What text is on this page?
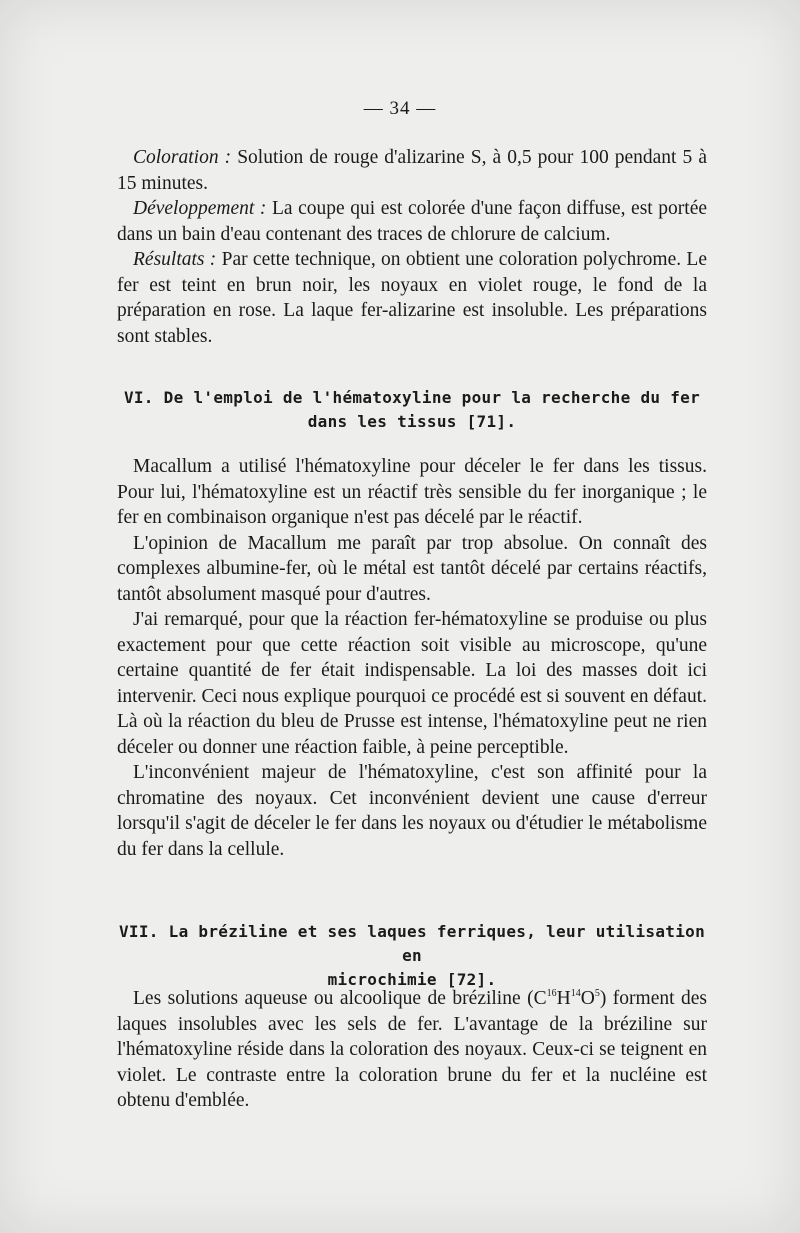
— 34 —

Coloration : Solution de rouge d'alizarine S, à 0,5 pour 100 pendant 5 à 15 minutes.

Développement : La coupe qui est colorée d'une façon diffuse, est portée dans un bain d'eau contenant des traces de chlorure de calcium.

Résultats : Par cette technique, on obtient une coloration polychrome. Le fer est teint en brun noir, les noyaux en violet rouge, le fond de la préparation en rose. La laque fer-alizarine est insoluble. Les préparations sont stables.

VI. De l'emploi de l'hématoxyline pour la recherche du fer
dans les tissus [71].

Macallum a utilisé l'hématoxyline pour déceler le fer dans les tissus. Pour lui, l'hématoxyline est un réactif très sensible du fer inorganique ; le fer en combinaison organique n'est pas décelé par le réactif.

L'opinion de Macallum me paraît par trop absolue. On connaît des complexes albumine-fer, où le métal est tantôt décelé par certains réactifs, tantôt absolument masqué pour d'autres.

J'ai remarqué, pour que la réaction fer-hématoxyline se produise ou plus exactement pour que cette réaction soit visible au microscope, qu'une certaine quantité de fer était indispensable. La loi des masses doit ici intervenir. Ceci nous explique pourquoi ce procédé est si souvent en défaut. Là où la réaction du bleu de Prusse est intense, l'hématoxyline peut ne rien déceler ou donner une réaction faible, à peine perceptible.

L'inconvénient majeur de l'hématoxyline, c'est son affinité pour la chromatine des noyaux. Cet inconvénient devient une cause d'erreur lorsqu'il s'agit de déceler le fer dans les noyaux ou d'étudier le métabolisme du fer dans la cellule.

VII. La bréziline et ses laques ferriques, leur utilisation en
microchimie [72].

Les solutions aqueuse ou alcoolique de bréziline $(C^{16}H^{14}O^5)$ forment des laques insolubles avec les sels de fer. L'avantage de la bréziline sur l'hématoxyline réside dans la coloration des noyaux. Ceux-ci se teignent en violet. Le contraste entre la coloration brune du fer et la nucléine est obtenu d'emblée.
